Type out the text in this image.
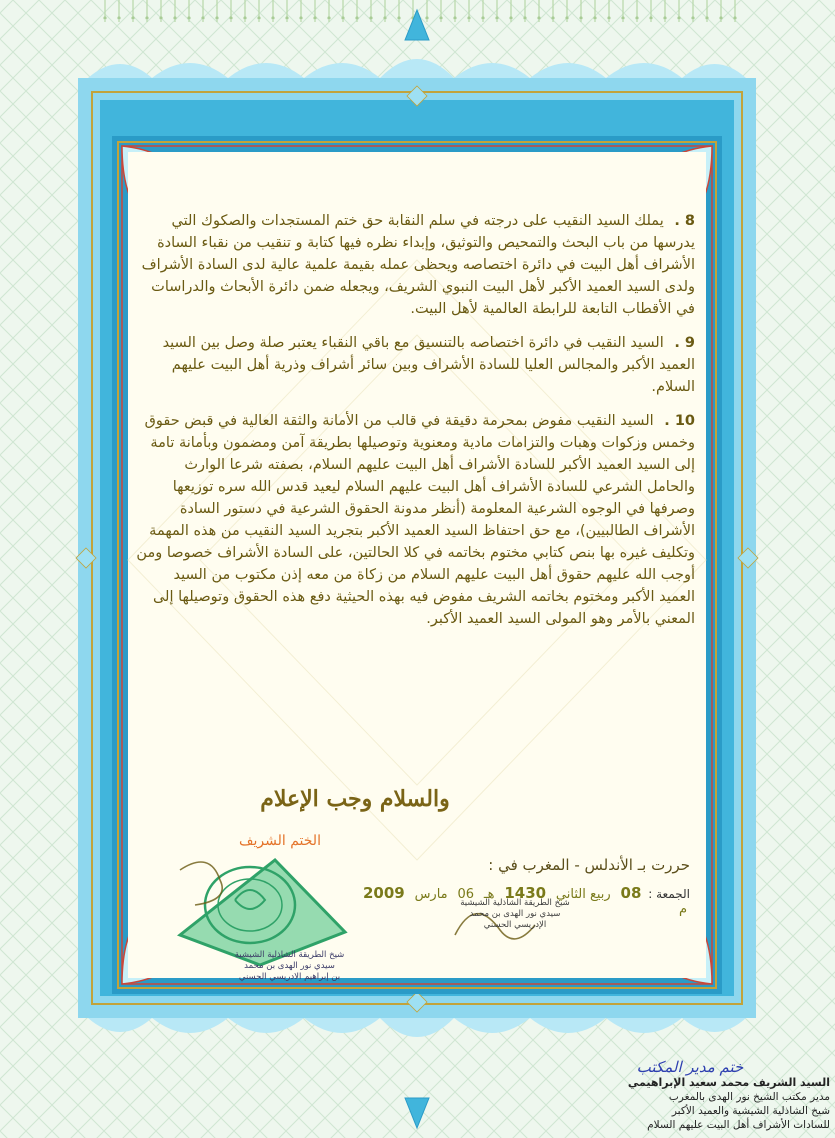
8 . يملك السيد النقيب على درجته في سلم النقابة حق ختم المستجدات والصكوك التي يدرسها من باب البحث والتمحيص والتوثيق، وإبداء نظره فيها كتابة و تنقيب من نقباء السادة الأشراف أهل البيت في دائرة اختصاصه ويحظى عمله بقيمة علمية عالية لدى السادة الأشراف ولدى السيد العميد الأكبر لأهل البيت النبوي الشريف، ويجعله ضمن دائرة الأبحاث والدراسات في الأقطاب التابعة للرابطة العالمية لأهل البيت.

9 . السيد النقيب في دائرة اختصاصه بالتنسيق مع باقي النقباء يعتبر صلة وصل بين السيد العميد الأكبر والمجالس العليا للسادة الأشراف وبين سائر أشراف وذرية أهل البيت عليهم السلام.

10 . السيد النقيب مفوض بمحرمة دقيقة في قالب من الأمانة والثقة العالية في قبض حقوق وخمس وزكوات وهبات والتزامات مادية ومعنوية وتوصيلها بطريقة آمن ومضمون وبأمانة تامة إلى السيد العميد الأكبر للسادة الأشراف أهل البيت عليهم السلام، بصفته شرعا الوارث والحامل الشرعي للسادة الأشراف أهل البيت عليهم السلام ليعيد قدس الله سره توزيعها وصرفها في الوجوه الشرعية المعلومة (أنظر مدونة الحقوق الشرعية في دستور السادة الأشراف الطالبيين)، مع حق احتفاظ السيد العميد الأكبر بتجريد السيد النقيب من هذه المهمة وتكليف غيره بها بنص كتابي مختوم بخاتمه في كلا الحالتين، على السادة الأشراف خصوصا ومن أوجب الله عليهم حقوق أهل البيت عليهم السلام من زكاة من معه إذن مكتوب من السيد العميد الأكبر ومختوم بخاتمه الشريف مفوض فيه بهذه الحيثية دفع هذه الحقوق وتوصيلها إلى المعني بالأمر وهو المولى السيد العميد الأكبر.

والسلام وجب الإعلام
الختم الشريف
حررت بـ الأندلس - المغرب في :
الجمعة : 08 ربيع الثاني 1430 هـ 06 مارس 2009 م
شيخ الطريقة الشاذلية الشيشية
سيدي نور الهدى بن محمد
الإدريسي الحسني
شيخ الطريقة الشاذلية الشيشية
سيدي نور الهدى بن محمد
بن إبراهيم الادريسي الحسني
ختم مدير المكتب
السيد الشريف محمد سعيد الإبراهيمي
مدير مكتب الشيخ نور الهدى بالمغرب
شيخ الشاذلية الشيشية والعميد الأكبر
للسادات الأشراف أهل البيت عليهم السلام
